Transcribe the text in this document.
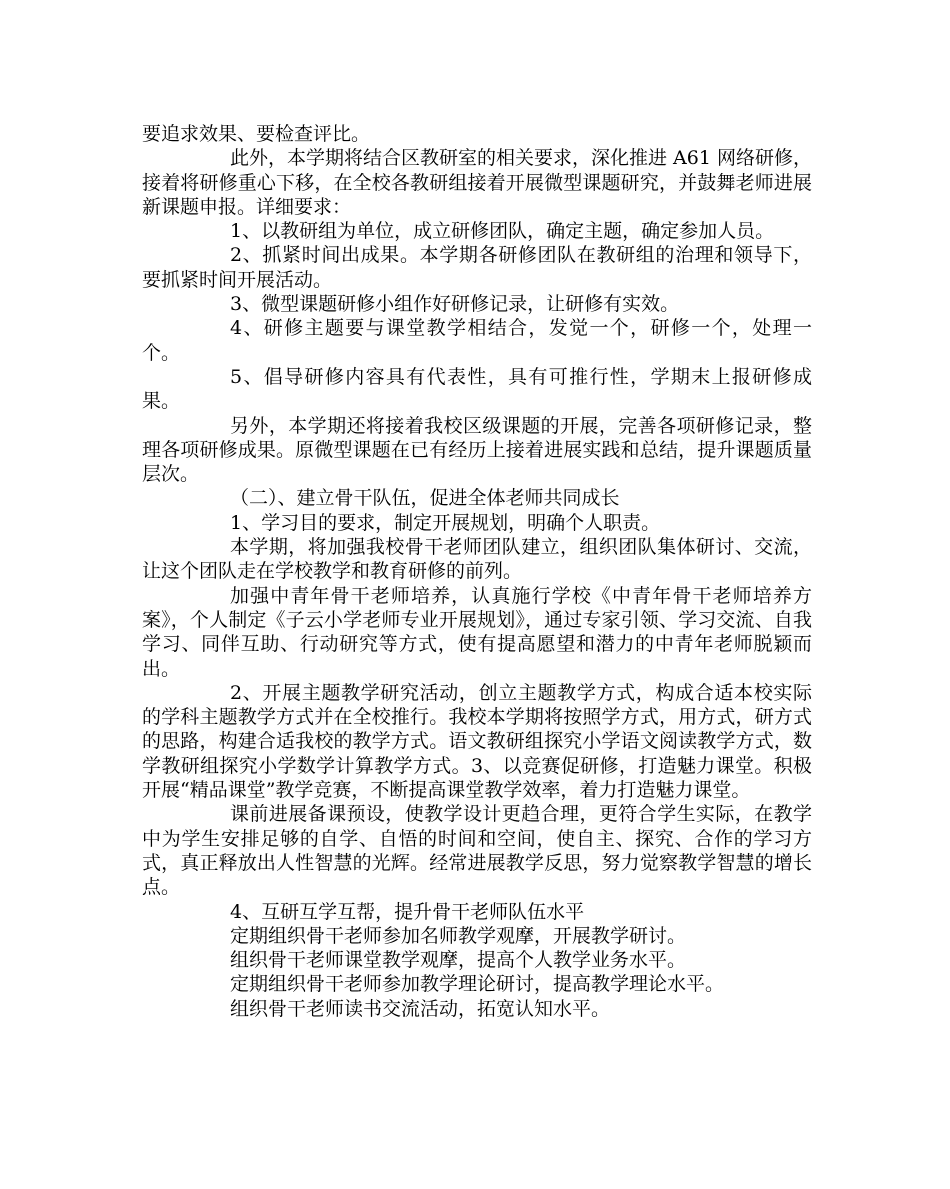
要追求效果、要检查评比。

此外，本学期将结合区教研室的相关要求，深化推进 A61 网络研修，接着将研修重心下移，在全校各教研组接着开展微型课题研究，并鼓舞老师进展新课题申报。详细要求：

1、以教研组为单位，成立研修团队，确定主题，确定参加人员。

2、抓紧时间出成果。本学期各研修团队在教研组的治理和领导下，要抓紧时间开展活动。

3、微型课题研修小组作好研修记录，让研修有实效。

4、研修主题要与课堂教学相结合，发觉一个，研修一个，处理一个。

5、倡导研修内容具有代表性，具有可推行性，学期末上报研修成果。

另外，本学期还将接着我校区级课题的开展，完善各项研修记录，整理各项研修成果。原微型课题在已有经历上接着进展实践和总结，提升课题质量层次。

（二）、建立骨干队伍，促进全体老师共同成长

1、学习目的要求，制定开展规划，明确个人职责。

本学期，将加强我校骨干老师团队建立，组织团队集体研讨、交流，让这个团队走在学校教学和教育研修的前列。

加强中青年骨干老师培养，认真施行学校《中青年骨干老师培养方案》，个人制定《子云小学老师专业开展规划》，通过专家引领、学习交流、自我学习、同伴互助、行动研究等方式，使有提高愿望和潜力的中青年老师脱颖而出。

2、开展主题教学研究活动，创立主题教学方式，构成合适本校实际的学科主题教学方式并在全校推行。我校本学期将按照学方式，用方式，研方式的思路，构建合适我校的教学方式。语文教研组探究小学语文阅读教学方式，数学教研组探究小学数学计算教学方式。3、以竞赛促研修，打造魅力课堂。积极开展“精品课堂”教学竞赛，不断提高课堂教学效率，着力打造魅力课堂。

课前进展备课预设，使教学设计更趋合理，更符合学生实际，在教学中为学生安排足够的自学、自悟的时间和空间，使自主、探究、合作的学习方式，真正释放出人性智慧的光辉。经常进展教学反思，努力觉察教学智慧的增长点。

4、互研互学互帮，提升骨干老师队伍水平

定期组织骨干老师参加名师教学观摩，开展教学研讨。

组织骨干老师课堂教学观摩，提高个人教学业务水平。

定期组织骨干老师参加教学理论研讨，提高教学理论水平。

组织骨干老师读书交流活动，拓宽认知水平。
